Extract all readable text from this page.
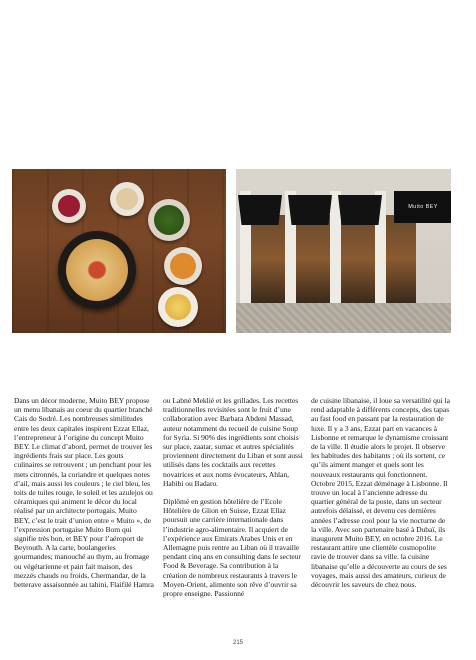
Muito BEY

Dans un décor moderne, Muito BEY propose un menu libanais au coeur du quartier branché Cais do Sodré. Les nombreuses similitudes entre les deux capitales inspirent Ezzat Ellaz, l’entrepreneur à l’origine du concept Muito BEY. Le climat d’abord, permet de trouver les ingrédients frais sur place. Les gouts culinaires se retrouvent ; un penchant pour les mets citronnés, la coriandre et quelques notes d’ail, mais aussi les couleurs ; le ciel bleu, les toits de tuiles rouge, le soleil et les azulejos ou céramiques qui animent le décor du local réalisé par un architecte portugais. Muito BEY, c’est le trait d’union entre « Muito », de l’expression portugaise Muito Bom qui signifie très bon, et BEY pour l’aéroport de Beyrouth. A la carte, boulangeries gourmandes; manouché au thym, au fromage ou végétarienne et pain fait maison, des mezzés chauds ou froids, Chermandar, de la betterave assaisonnée au tahini, Flaifilé Hamra

ou Labné Meklié et les grillades. Les recettes traditionnelles revisitées sont le fruit d’une collaboration avec Barbara Abdeni Massad, auteur notamment du recueil de cuisine Soup for Syria. Si 90% des ingrédients sont choisis sur place, zaatar, sumac et autres spécialités proviennent directement du Liban et sont aussi utilisés dans les cocktails aux recettes novatrices et aux noms évocateurs, Ahlan, Habibi ou Badaro.

Diplômé en gestion hôtelière de l’Ecole Hôtelière de Glion en Suisse, Ezzat Ellaz poursuit une carrière internationale dans l’industrie agro-alimentaire. Il acquiert de l’expérience aux Emirats Arabes Unis et en Allemagne puis rentre au Liban où il travaille pendant cinq ans en consulting dans le secteur Food & Beverage. Sa contribution à la création de nombreux restaurants à travers le Moyen-Orient, alimente son rêve d’ouvrir sa propre enseigne. Passionné

de cuisine libanaise, il loue sa versatilité qui la rend adaptable à différents concepts, des tapas au fast food en passant par la restauration de luxe. Il y a 3 ans, Ezzat part en vacances à Lisbonne et remarque le dynamisme croissant de la ville. Il étudie alors le projet. Il observe les habitudes des habitants ; où ils sortent, ce qu’ils aiment manger et quels sont les nouveaux restaurants qui fonctionnent. Octobre 2015, Ezzat déménage à Lisbonne. Il trouve un local à l’ancienne adresse du quartier général de la poste, dans un secteur autrefois délaissé, et devenu ces dernières années l’adresse cool pour la vie nocturne de la ville. Avec son partenaire basé à Dubaï, ils inaugurent Muito BEY, en octobre 2016. Le restaurant attire une clientèle cosmopolite ravie de trouver dans sa ville. la cuisine libanaise qu’elle a découverte au cours de ses voyages, mais aussi des amateurs, curieux de découvrir les saveurs de chez nous.

215
